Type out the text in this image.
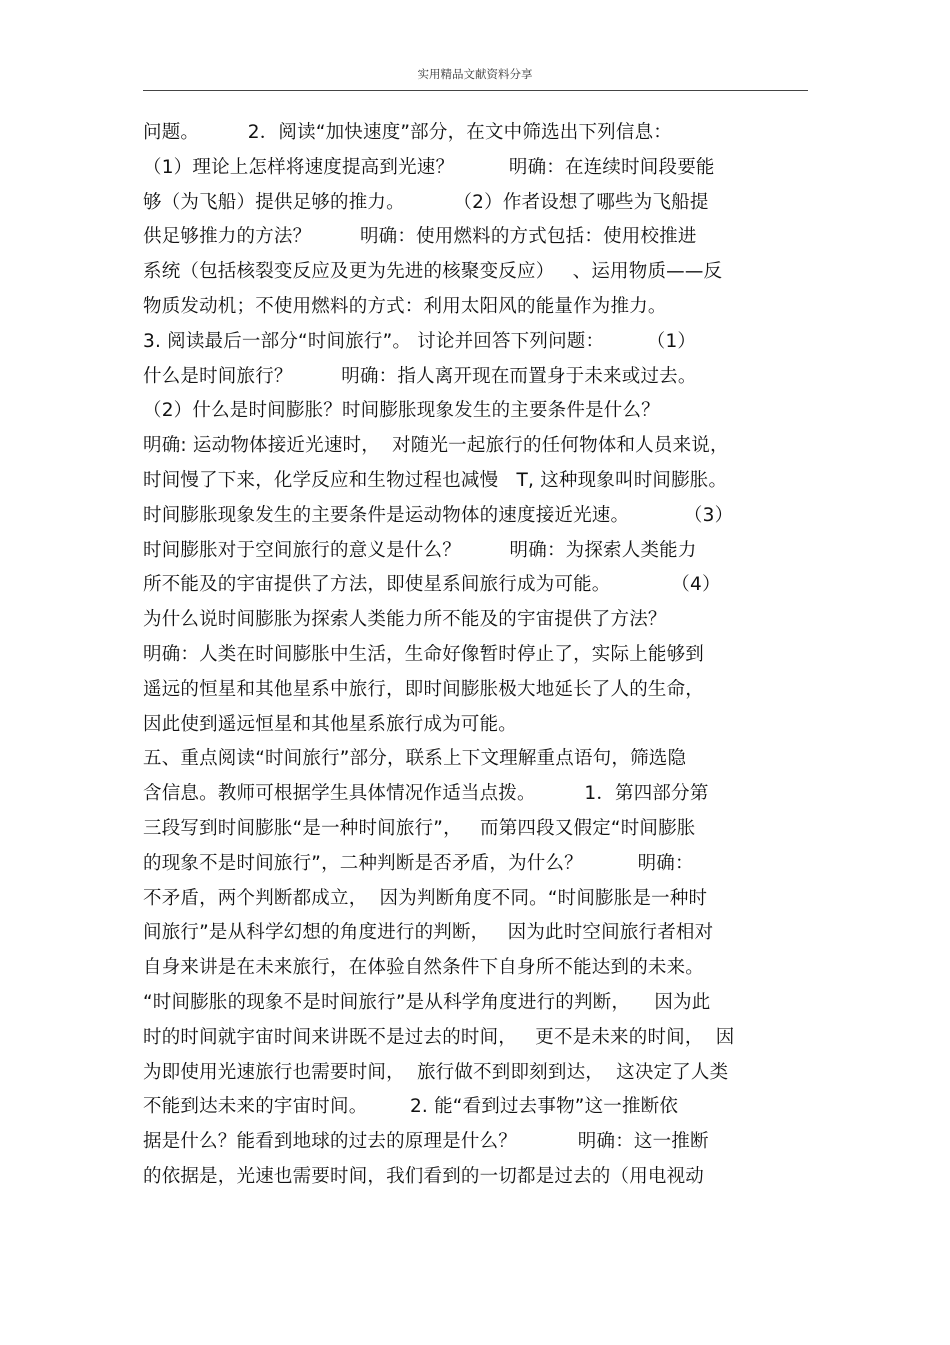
实用精品文献资料分享
问题。        2．阅读“加快速度”部分，在文中筛选出下列信息：
（1）理论上怎样将速度提高到光速？         明确：在连续时间段要能
够（为飞船）提供足够的推力。        （2）作者设想了哪些为飞船提
供足够推力的方法？        明确：使用燃料的方式包括：使用校推进
系统（包括核裂变反应及更为先进的核聚变反应）   、运用物质——反
物质发动机；不使用燃料的方式：利用太阳风的能量作为推力。
3. 阅读最后一部分“时间旅行”。 讨论并回答下列问题：       （1）
什么是时间旅行？        明确：指人离开现在而置身于未来或过去。
（2）什么是时间膨胀？时间膨胀现象发生的主要条件是什么？
明确: 运动物体接近光速时，  对随光一起旅行的任何物体和人员来说，
时间慢了下来，化学反应和生物过程也减慢   T, 这种现象叫时间膨胀。
时间膨胀现象发生的主要条件是运动物体的速度接近光速。         （3）
时间膨胀对于空间旅行的意义是什么？        明确：为探索人类能力
所不能及的宇宙提供了方法，即使星系间旅行成为可能。          （4）
为什么说时间膨胀为探索人类能力所不能及的宇宙提供了方法？
明确：人类在时间膨胀中生活，生命好像暂时停止了，实际上能够到
遥远的恒星和其他星系中旅行，即时间膨胀极大地延长了人的生命，
因此使到遥远恒星和其他星系旅行成为可能。
五、重点阅读“时间旅行”部分，联系上下文理解重点语句，筛选隐
含信息。教师可根据学生具体情况作适当点拨。        1．第四部分第
三段写到时间膨胀“是一种时间旅行”，   而第四段又假定“时间膨胀
的现象不是时间旅行”，二种判断是否矛盾，为什么？         明确：
不矛盾，两个判断都成立，  因为判断角度不同。“时间膨胀是一种时
间旅行”是从科学幻想的角度进行的判断，   因为此时空间旅行者相对
自身来讲是在未来旅行，在体验自然条件下自身所不能达到的未来。
“时间膨胀的现象不是时间旅行”是从科学角度进行的判断，    因为此
时的时间就宇宙时间来讲既不是过去的时间，   更不是未来的时间，  因
为即使用光速旅行也需要时间，  旅行做不到即刻到达，  这决定了人类
不能到达未来的宇宙时间。       2. 能“看到过去事物”这一推断依
据是什么？能看到地球的过去的原理是什么？          明确：这一推断
的依据是，光速也需要时间，我们看到的一切都是过去的（用电视动
